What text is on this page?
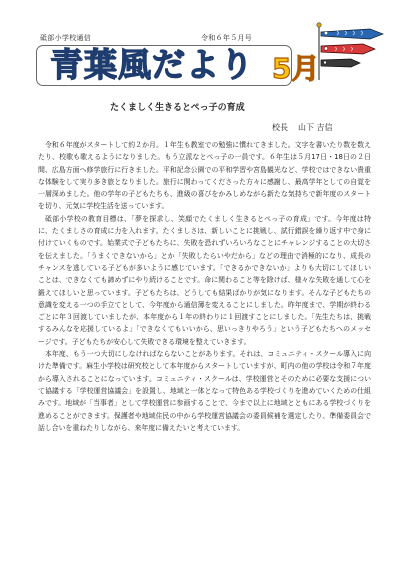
砥部小学校通信	令和６年５月号
青葉風だより 5月
たくましく生きるとぺっ子の育成
校長 山下 吉信

令和６年度がスタートして約２か月。１年生も教室での勉強に慣れてきました。文字を書いたり数を数えたり、校歌も歌えるようになりました。もう立派なとぺっ子の一員です。６年生は５月17日・18日の２日間、広島方面へ修学旅行に行きました。平和記念公園での平和学習や宮島観光など、学校ではできない貴重な体験をして実り多き旅となりました。旅行に関わってくださった方々に感謝し、最高学年としての自覚を一層深めました。他の学年の子どもたちも、進級の喜びをかみしめながら新たな気持ちで新年度のスタートを切り、元気に学校生活を送っています。

砥部小学校の教育目標は、「夢を探求し、笑顔でたくましく生きるとぺっ子の育成」です。今年度は特に、たくましさの育成に力を入れます。たくましさは、新しいことに挑戦し、試行錯誤を繰り返す中で身に付けていくものです。始業式で子どもたちに、失敗を恐れずいろいろなことにチャレンジすることの大切さを伝えました。「うまくできないから」とか「失敗したらいやだから」などの理由で消極的になり、成長のチャンスを逃している子どもが多いように感じています。「できるかできないか」よりも大切にしてほしいことは、できなくても諦めずにやり続けることです。命に関わること等を除けば、様々な失敗を通して心を鍛えてほしいと思っています。子どもたちは、どうしても結果ばかりが気になります。そんな子どもたちの意識を変える一つの手立てとして、今年度から通信簿を変えることにしました。昨年度まで、学期が終わるごとに年３回渡していましたが、本年度から１年の終わりに１回渡すことにしました。「先生たちは、挑戦するみんなを応援しているよ」「できなくてもいいから、思いっきりやろう」という子どもたちへのメッセージです。子どもたちが安心して失敗できる環境を整えていきます。

本年度、もう一つ大切にしなければならないことがあります。それは、コミュニティ・スクール導入に向けた準備です。麻生小学校は研究校として本年度からスタートしていますが、町内の他の学校は令和７年度から導入されることになっています。コミュニティ・スクールは、学校運営とそのために必要な支援について協議する「学校運営協議会」を設置し、地域と一体となって特色ある学校づくりを進めていくための仕組みです。地域が「当事者」として学校運営に参画することで、今まで以上に地域とともにある学校づくりを進めることができます。保護者や地域住民の中から学校運営協議会の委員候補を選定したり、準備委員会で話し合いを重ねたりしながら、来年度に備えたいと考えています。
